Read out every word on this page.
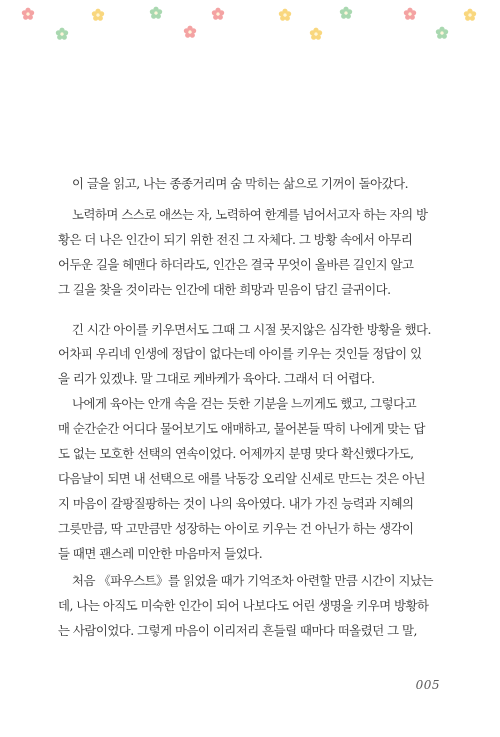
이 글을 읽고, 나는 종종거리며 숨 막히는 삶으로 기꺼이 돌아갔다.
노력하며 스스로 애쓰는 자, 노력하여 한계를 넘어서고자 하는 자의 방
황은 더 나은 인간이 되기 위한 전진 그 자체다. 그 방황 속에서 아무리
어두운 길을 헤맨다 하더라도, 인간은 결국 무엇이 올바른 길인지 알고
그 길을 찾을 것이라는 인간에 대한 희망과 믿음이 담긴 글귀이다.
긴 시간 아이를 키우면서도 그때 그 시절 못지않은 심각한 방황을 했다.
어차피 우리네 인생에 정답이 없다는데 아이를 키우는 것인들 정답이 있
을 리가 있겠냐. 말 그대로 케바케가 육아다. 그래서 더 어렵다.
나에게 육아는 안개 속을 걷는 듯한 기분을 느끼게도 했고, 그렇다고
매 순간순간 어디다 물어보기도 애매하고, 물어본들 딱히 나에게 맞는 답
도 없는 모호한 선택의 연속이었다. 어제까지 분명 맞다 확신했다가도,
다음날이 되면 내 선택으로 애를 낙동강 오리알 신세로 만드는 것은 아닌
지 마음이 갈팡질팡하는 것이 나의 육아였다. 내가 가진 능력과 지혜의
그릇만큼, 딱 고만큼만 성장하는 아이로 키우는 건 아닌가 하는 생각이
들 때면 괜스레 미안한 마음마저 들었다.
처음 《파우스트》를 읽었을 때가 기억조차 아련할 만큼 시간이 지났는
데, 나는 아직도 미숙한 인간이 되어 나보다도 어린 생명을 키우며 방황하
는 사람이었다. 그렇게 마음이 이리저리 흔들릴 때마다 떠올렸던 그 말,
005
